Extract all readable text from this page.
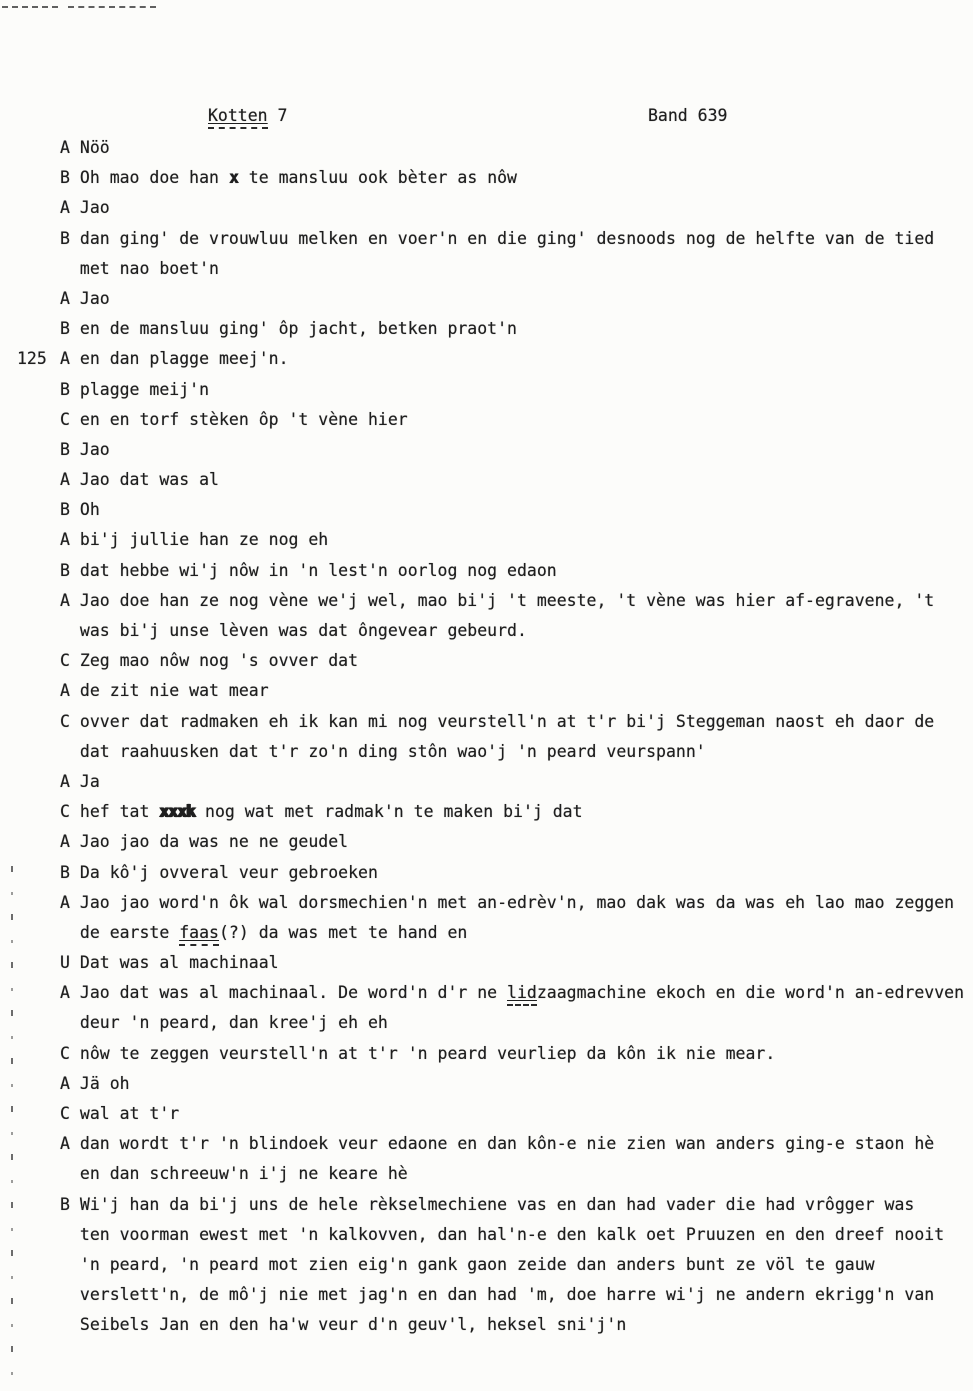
Kotten 7	Band 639
A Nöö
B Oh mao doe han x te mansluu ook bèter as nôw
A Jao
B dan ging' de vrouwluu melken en voer'n en die ging' desnoods nog de helfte van de tied
met nao boet'n
A Jao
B en de mansluu ging' ôp jacht, betken praot'n
125 A en dan plagge meej'n.
B plagge meij'n
C en en torf stèken ôp 't vène hier
B Jao
A Jao dat was al
B Oh
A bi'j jullie han ze nog eh
B dat hebbe wi'j nôw in 'n lest'n oorlog nog edaon
A Jao doe han ze nog vène we'j wel, mao bi'j 't meeste, 't vène was hier af-egravene, 't
was bi'j unse lèven was dat ôngevear gebeurd.
C Zeg mao nôw nog 's ovver dat
A de zit nie wat mear
C ovver dat radmaken eh ik kan mi nog veurstell'n at t'r bi'j Steggeman naost eh daor de
dat raahuusken dat t'r zo'n ding stôn wao'j 'n peard veurspann'
A Ja
C hef tat xxxk nog wat met radmak'n te maken bi'j dat
A Jao jao da was ne ne geudel
B Da kô'j ovveral veur gebroeken
A Jao jao word'n ôk wal dorsmechien'n met an-edrèv'n, mao dak was da was eh lao mao zeggen
de earste faas(?) da was met te hand en
U Dat was al machinaal
A Jao dat was al machinaal. De word'n d'r ne lidzaagmachine ekoch en die word'n an-edrevven
deur 'n peard, dan kree'j eh eh
C nôw te zeggen veurstell'n at t'r 'n peard veurliep da kôn ik nie mear.
A Jä oh
C wal at t'r
A dan wordt t'r 'n blindoek veur edaone en dan kôn-e nie zien wan anders ging-e staon hè
en dan schreeuw'n i'j ne keare hè
B Wi'j han da bi'j uns de hele rèkselmechiene vas en dan had vader die had vrôgger was
ten voorman ewest met 'n kalkovven, dan hal'n-e den kalk oet Pruuzen en den dreef nooit
'n peard, 'n peard mot zien eig'n gank gaon zeide dan anders bunt ze völ te gauw
verslett'n, de mô'j nie met jag'n en dan had 'm, doe harre wi'j ne andern ekrigg'n van
Seibels Jan en den ha'w veur d'n geuv'l, heksel sni'j'n
